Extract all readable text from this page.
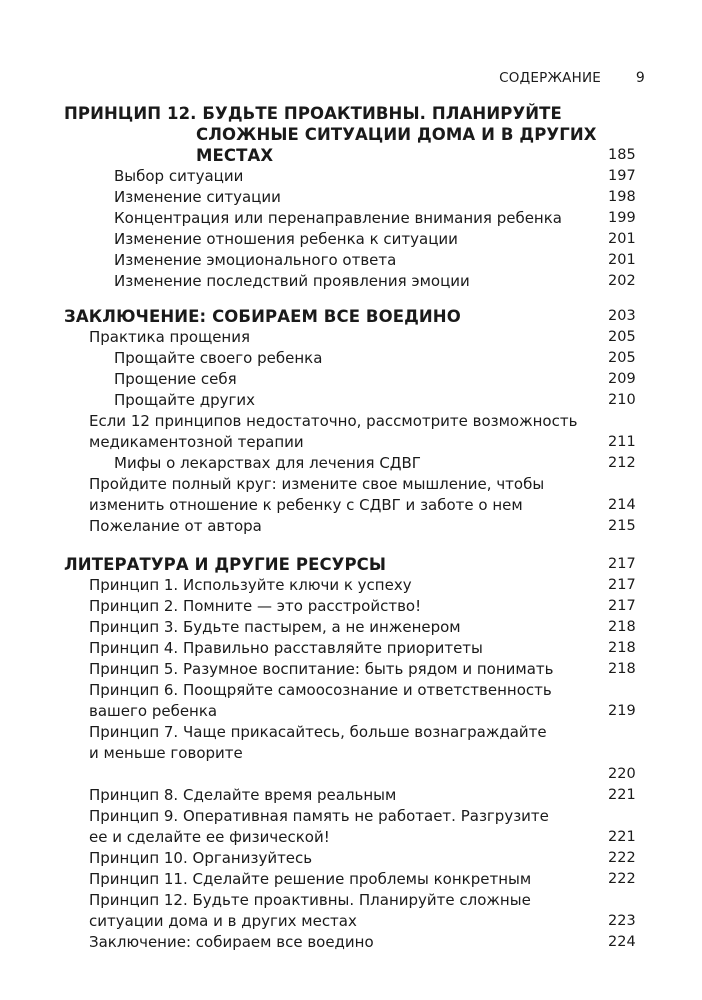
СОДЕРЖАНИЕ 9
ПРИНЦИП 12. БУДЬТЕ ПРОАКТИВНЫ. ПЛАНИРУЙТЕ
СЛОЖНЫЕ СИТУАЦИИ ДОМА И В ДРУГИХ
МЕСТАХ	185
Выбор ситуации	197
Изменение ситуации	198
Концентрация или перенаправление внимания ребенка	199
Изменение отношения ребенка к ситуации	201
Изменение эмоционального ответа	201
Изменение последствий проявления эмоции	202
ЗАКЛЮЧЕНИЕ: СОБИРАЕМ ВСЕ ВОЕДИНО	203
Практика прощения	205
Прощайте своего ребенка	205
Прощение себя	209
Прощайте других	210
Если 12 принципов недостаточно, рассмотрите возможность
медикаментозной терапии	211
Мифы о лекарствах для лечения СДВГ	212
Пройдите полный круг: измените свое мышление, чтобы
изменить отношение к ребенку с СДВГ и заботе о нем	214
Пожелание от автора	215
ЛИТЕРАТУРА И ДРУГИЕ РЕСУРСЫ	217
Принцип 1. Используйте ключи к успеху	217
Принцип 2. Помните — это расстройство!	217
Принцип 3. Будьте пастырем, а не инженером	218
Принцип 4. Правильно расставляйте приоритеты	218
Принцип 5. Разумное воспитание: быть рядом и понимать	218
Принцип 6. Поощряйте самоосознание и ответственность
вашего ребенка	219
Принцип 7. Чаще прикасайтесь, больше вознаграждайте
и меньше говорите
220
Принцип 8. Сделайте время реальным	221
Принцип 9. Оперативная память не работает. Разгрузите
ее и сделайте ее физической!	221
Принцип 10. Организуйтесь	222
Принцип 11. Сделайте решение проблемы конкретным	222
Принцип 12. Будьте проактивны. Планируйте сложные
ситуации дома и в других местах	223
Заключение: собираем все воедино	224
